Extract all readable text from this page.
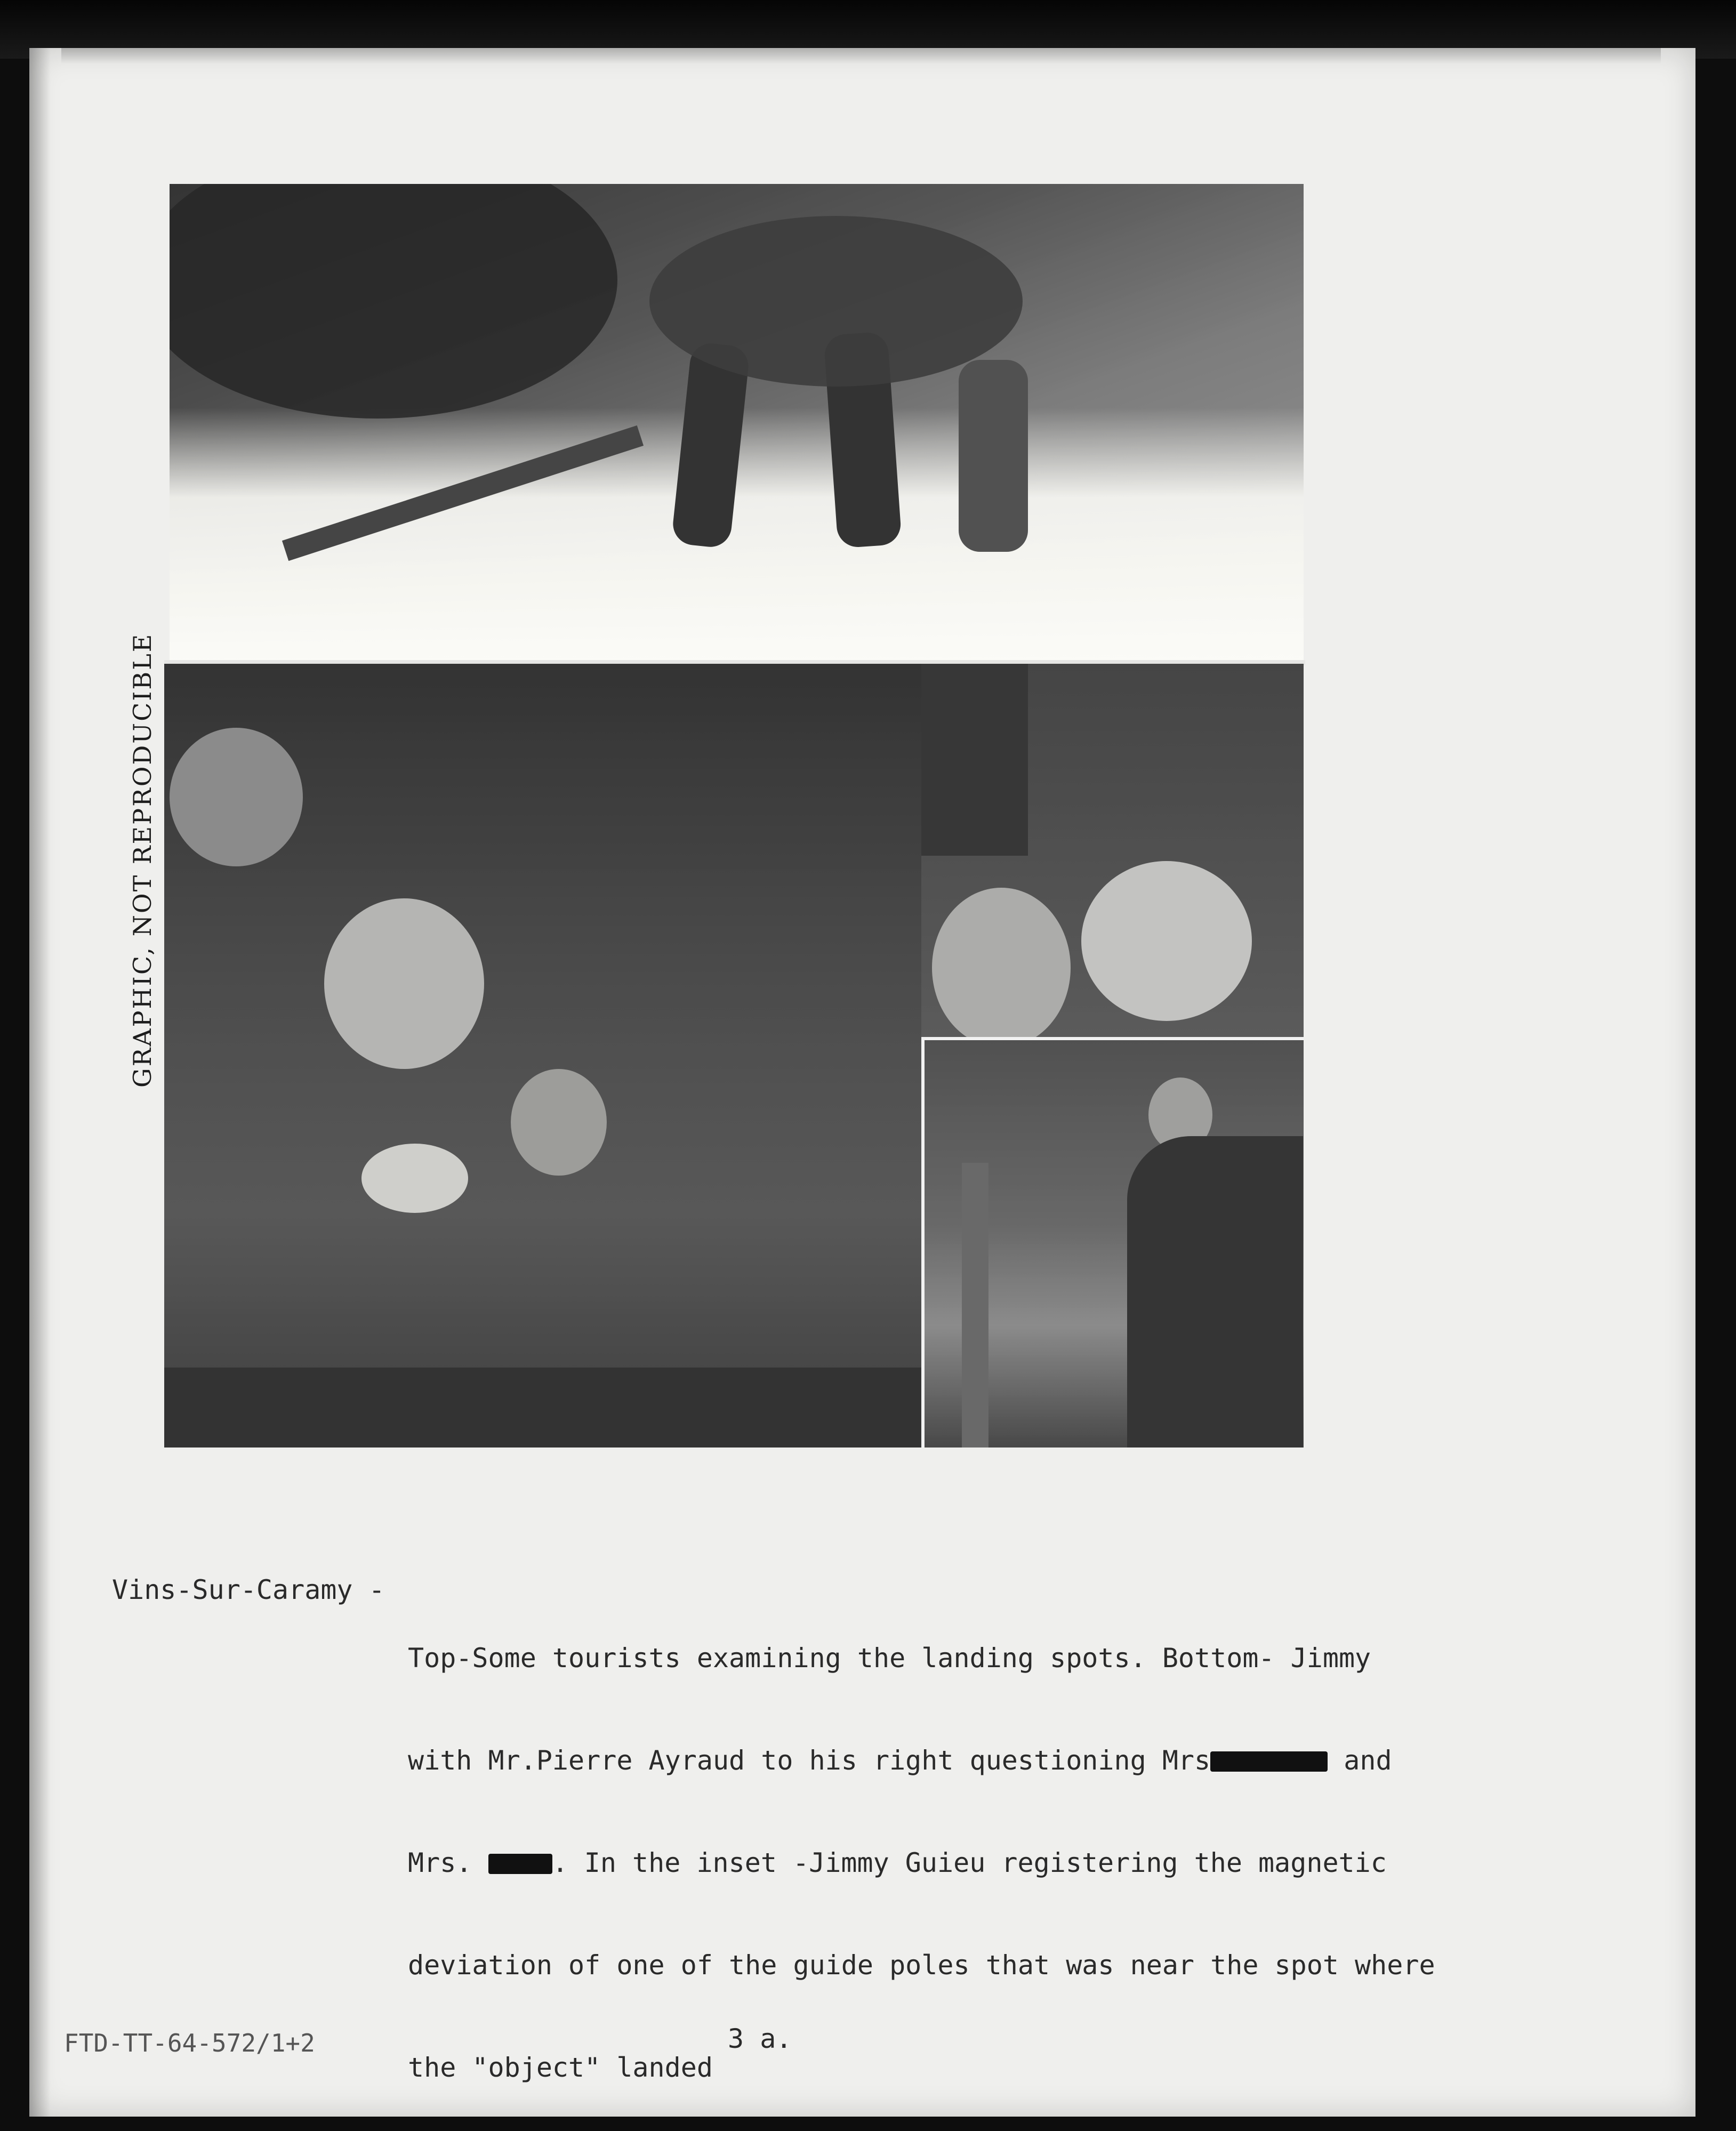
GRAPHIC, NOT REPRODUCIBLE
Vins-Sur-Caramy -

Top-Some tourists examining the landing spots. Bottom- Jimmy

with Mr.Pierre Ayraud to his right questioning Mrs	and

Mrs.	. In the inset -Jimmy Guieu registering the magnetic

deviation of one of the guide poles that was near the spot where

the "object" landed

FTD-TT-64-572/1+2	3 a.
